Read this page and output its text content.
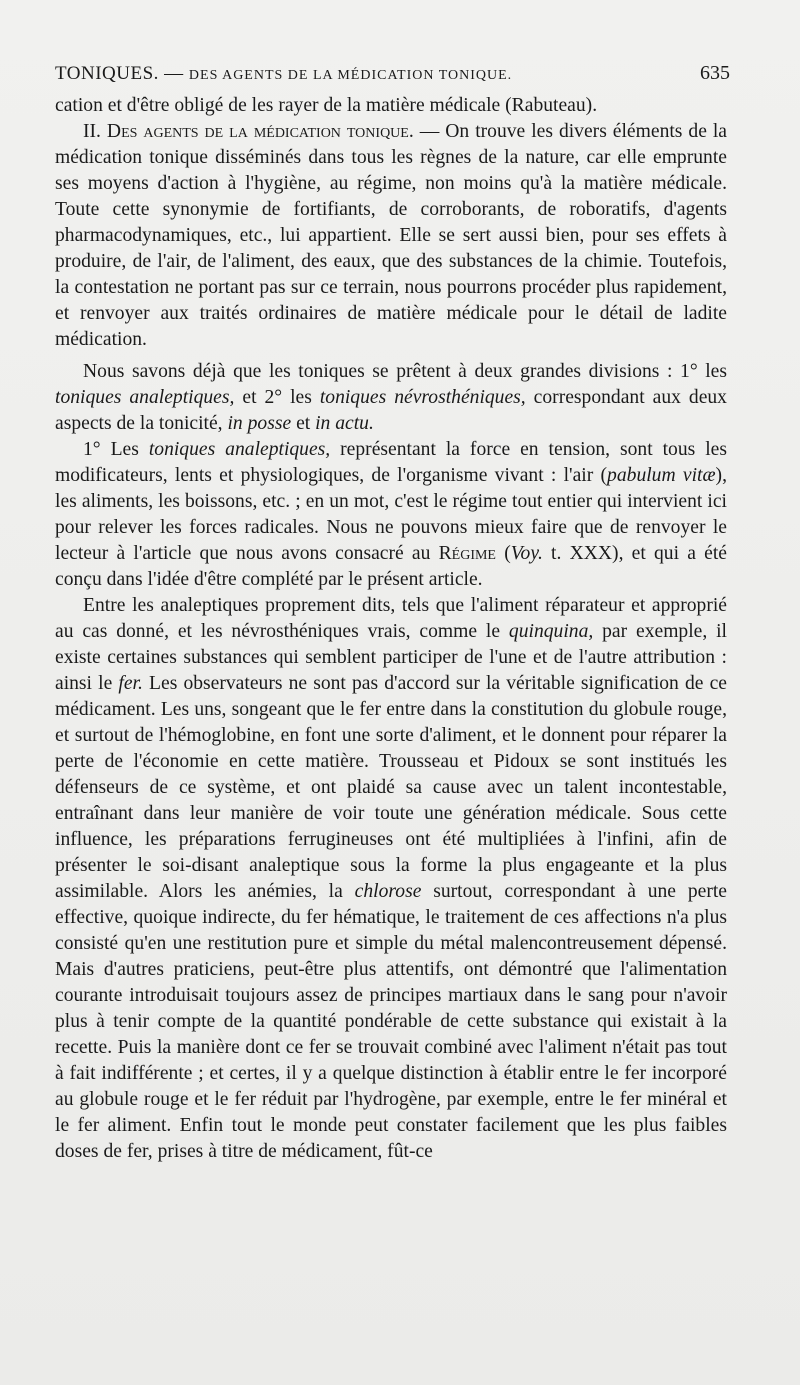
TONIQUES. — DES AGENTS DE LA MÉDICATION TONIQUE.	635

cation et d'être obligé de les rayer de la matière médicale (Rabuteau).

II. Des agents de la médication tonique. — On trouve les divers éléments de la médication tonique disséminés dans tous les règnes de la nature, car elle emprunte ses moyens d'action à l'hygiène, au régime, non moins qu'à la matière médicale. Toute cette synonymie de fortifiants, de corroborants, de roboratifs, d'agents pharmacodynamiques, etc., lui appartient. Elle se sert aussi bien, pour ses effets à produire, de l'air, de l'aliment, des eaux, que des substances de la chimie. Toutefois, la contestation ne portant pas sur ce terrain, nous pourrons procéder plus rapidement, et renvoyer aux traités ordinaires de matière médicale pour le détail de ladite médication.

Nous savons déjà que les toniques se prêtent à deux grandes divisions : 1° les toniques analeptiques, et 2° les toniques névrosthéniques, correspondant aux deux aspects de la tonicité, in posse et in actu.

1° Les toniques analeptiques, représentant la force en tension, sont tous les modificateurs, lents et physiologiques, de l'organisme vivant : l'air (pabulum vitæ), les aliments, les boissons, etc. ; en un mot, c'est le régime tout entier qui intervient ici pour relever les forces radicales. Nous ne pouvons mieux faire que de renvoyer le lecteur à l'article que nous avons consacré au Régime (Voy. t. XXX), et qui a été conçu dans l'idée d'être complété par le présent article.

Entre les analeptiques proprement dits, tels que l'aliment réparateur et approprié au cas donné, et les névrosthéniques vrais, comme le quinquina, par exemple, il existe certaines substances qui semblent participer de l'une et de l'autre attribution : ainsi le fer. Les observateurs ne sont pas d'accord sur la véritable signification de ce médicament. Les uns, songeant que le fer entre dans la constitution du globule rouge, et surtout de l'hémoglobine, en font une sorte d'aliment, et le donnent pour réparer la perte de l'économie en cette matière. Trousseau et Pidoux se sont institués les défenseurs de ce système, et ont plaidé sa cause avec un talent incontestable, entraînant dans leur manière de voir toute une génération médicale. Sous cette influence, les préparations ferrugineuses ont été multipliées à l'infini, afin de présenter le soi-disant analeptique sous la forme la plus engageante et la plus assimilable. Alors les anémies, la chlorose surtout, correspondant à une perte effective, quoique indirecte, du fer hématique, le traitement de ces affections n'a plus consisté qu'en une restitution pure et simple du métal malencontreusement dépensé. Mais d'autres praticiens, peut-être plus attentifs, ont démontré que l'alimentation courante introduisait toujours assez de principes martiaux dans le sang pour n'avoir plus à tenir compte de la quantité pondérable de cette substance qui existait à la recette. Puis la manière dont ce fer se trouvait combiné avec l'aliment n'était pas tout à fait indifférente ; et certes, il y a quelque distinction à établir entre le fer incorporé au globule rouge et le fer réduit par l'hydrogène, par exemple, entre le fer minéral et le fer aliment. Enfin tout le monde peut constater facilement que les plus faibles doses de fer, prises à titre de médicament, fût-ce
